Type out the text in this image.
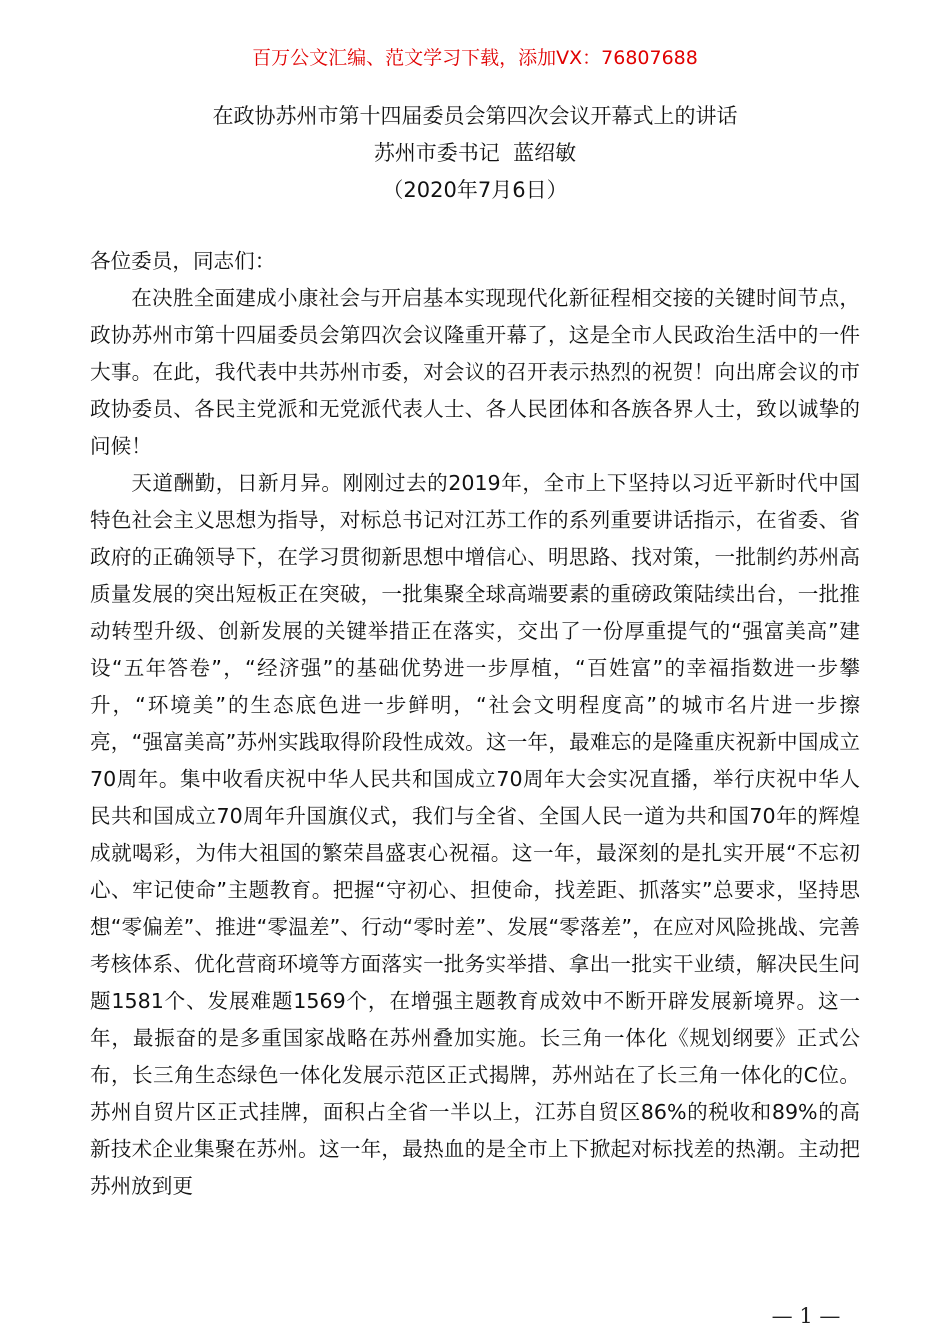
百万公文汇编、范文学习下载，添加VX：76807688
在政协苏州市第十四届委员会第四次会议开幕式上的讲话
苏州市委书记  蓝绍敏
（2020年7月6日）

各位委员，同志们：

在决胜全面建成小康社会与开启基本实现现代化新征程相交接的关键时间节点，政协苏州市第十四届委员会第四次会议隆重开幕了，这是全市人民政治生活中的一件大事。在此，我代表中共苏州市委，对会议的召开表示热烈的祝贺！向出席会议的市政协委员、各民主党派和无党派代表人士、各人民团体和各族各界人士，致以诚挚的问候！

天道酬勤，日新月异。刚刚过去的2019年，全市上下坚持以习近平新时代中国特色社会主义思想为指导，对标总书记对江苏工作的系列重要讲话指示，在省委、省政府的正确领导下，在学习贯彻新思想中增信心、明思路、找对策，一批制约苏州高质量发展的突出短板正在突破，一批集聚全球高端要素的重磅政策陆续出台，一批推动转型升级、创新发展的关键举措正在落实，交出了一份厚重提气的“强富美高”建设“五年答卷”，“经济强”的基础优势进一步厚植，“百姓富”的幸福指数进一步攀升，“环境美”的生态底色进一步鲜明，“社会文明程度高”的城市名片进一步擦亮，“强富美高”苏州实践取得阶段性成效。这一年，最难忘的是隆重庆祝新中国成立70周年。集中收看庆祝中华人民共和国成立70周年大会实况直播，举行庆祝中华人民共和国成立70周年升国旗仪式，我们与全省、全国人民一道为共和国70年的辉煌成就喝彩，为伟大祖国的繁荣昌盛衷心祝福。这一年，最深刻的是扎实开展“不忘初心、牢记使命”主题教育。把握“守初心、担使命，找差距、抓落实”总要求，坚持思想“零偏差”、推进“零温差”、行动“零时差”、发展“零落差”，在应对风险挑战、完善考核体系、优化营商环境等方面落实一批务实举措、拿出一批实干业绩，解决民生问题1581个、发展难题1569个，在增强主题教育成效中不断开辟发展新境界。这一年，最振奋的是多重国家战略在苏州叠加实施。长三角一体化《规划纲要》正式公布，长三角生态绿色一体化发展示范区正式揭牌，苏州站在了长三角一体化的C位。苏州自贸片区正式挂牌，面积占全省一半以上，江苏自贸区86%的税收和89%的高新技术企业集聚在苏州。这一年，最热血的是全市上下掀起对标找差的热潮。主动把苏州放到更

— 1 —
